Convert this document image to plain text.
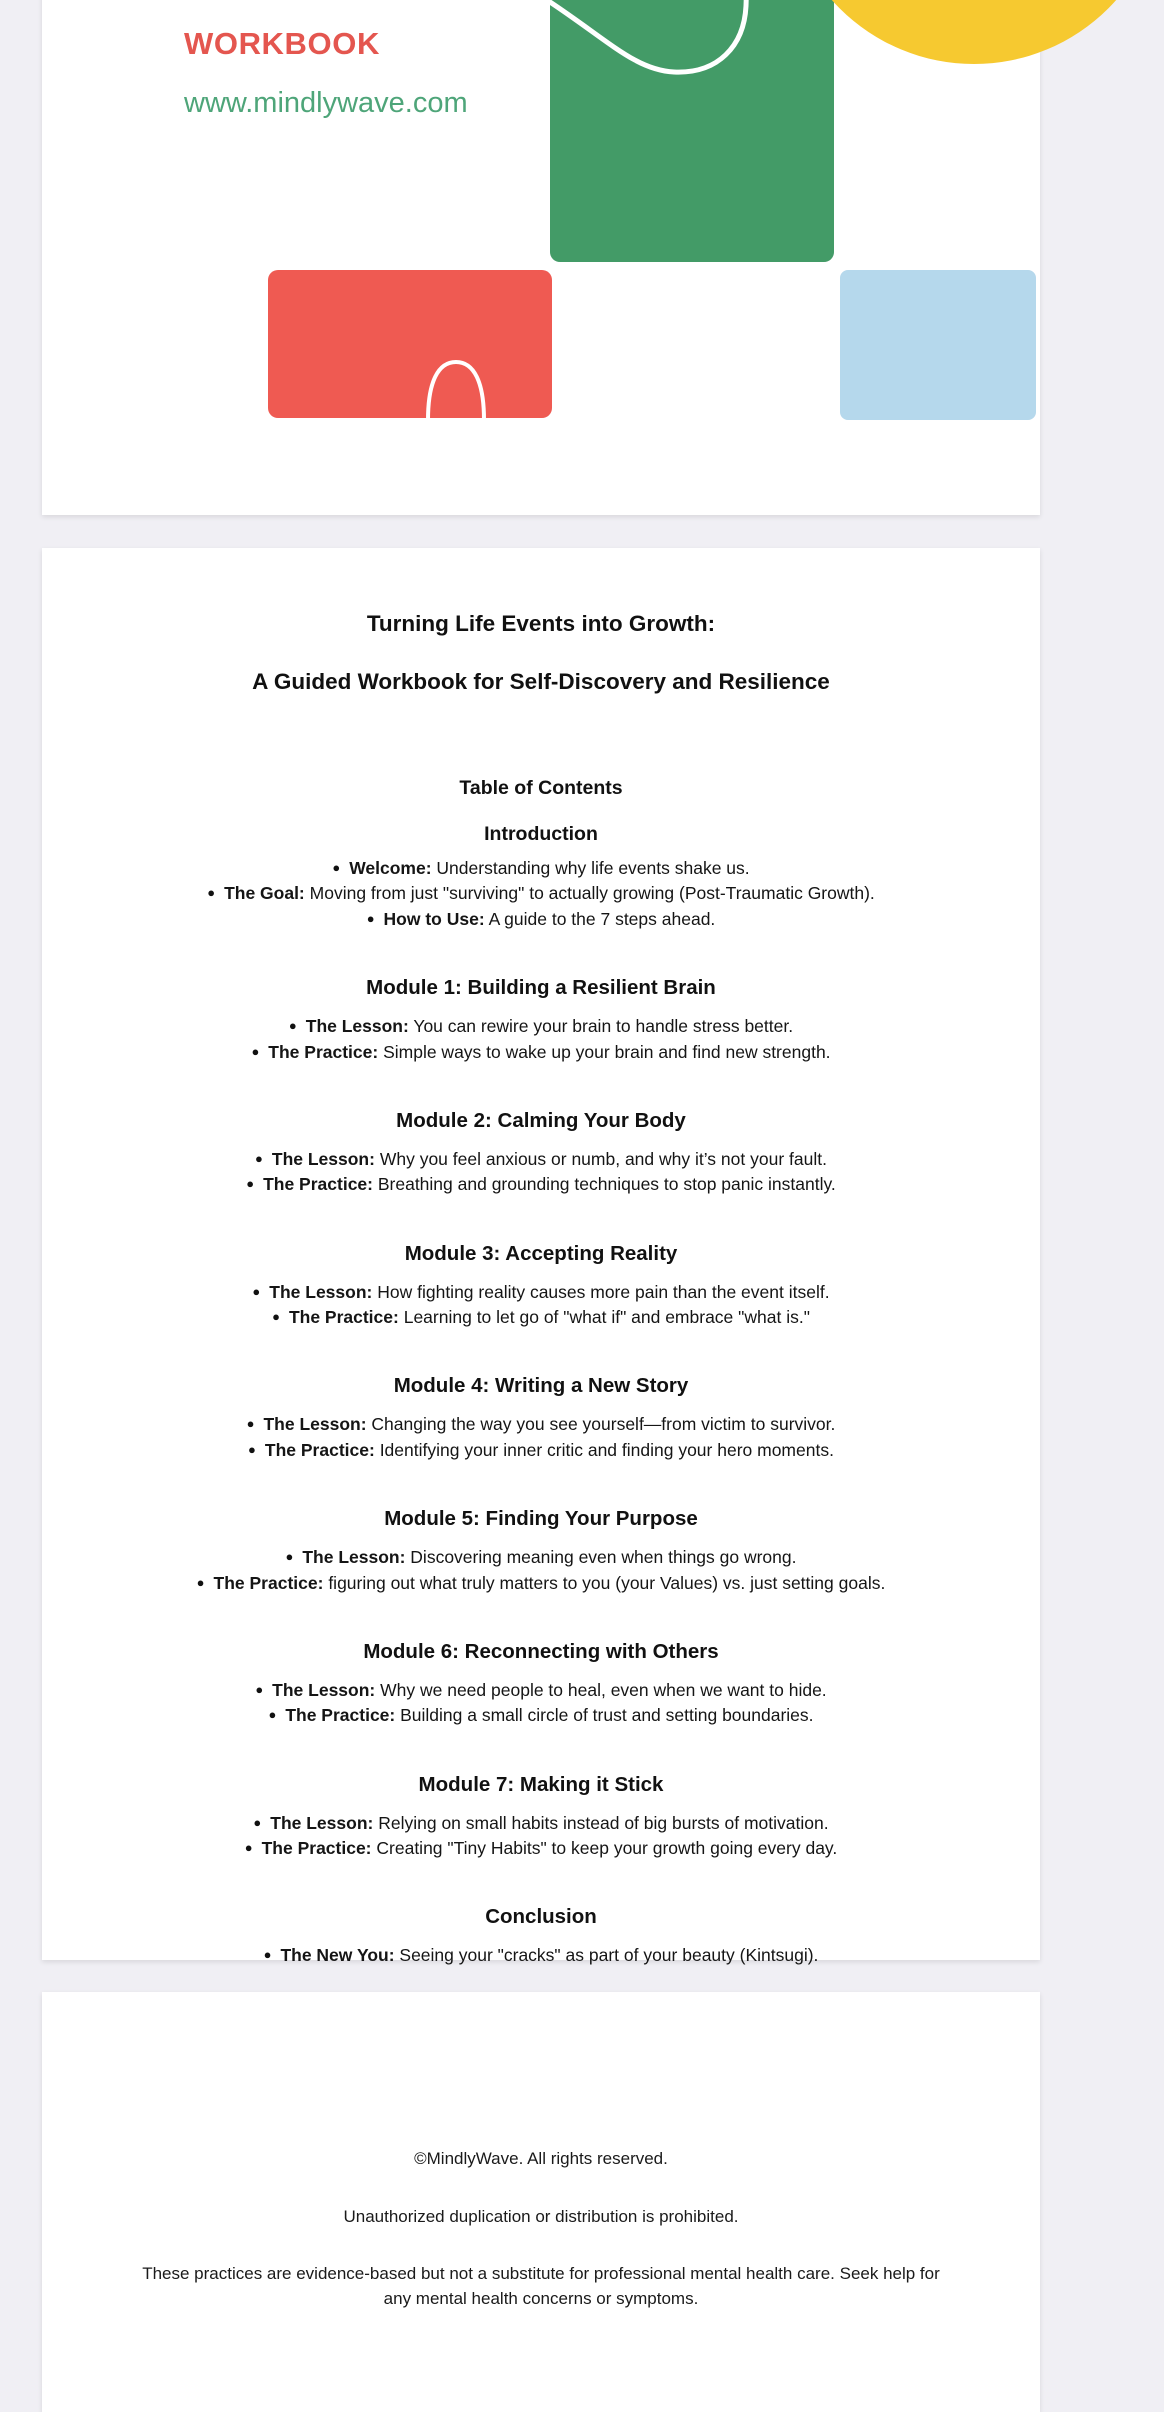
WORKBOOK

www.mindlywave.com

Turning Life Events into Growth:
A Guided Workbook for Self-Discovery and Resilience
Table of Contents
Introduction
● Welcome: Understanding why life events shake us.
● The Goal: Moving from just "surviving" to actually growing (Post-Traumatic Growth).
● How to Use: A guide to the 7 steps ahead.
Module 1: Building a Resilient Brain
● The Lesson: You can rewire your brain to handle stress better.
● The Practice: Simple ways to wake up your brain and find new strength.
Module 2: Calming Your Body
● The Lesson: Why you feel anxious or numb, and why it’s not your fault.
● The Practice: Breathing and grounding techniques to stop panic instantly.
Module 3: Accepting Reality
● The Lesson: How fighting reality causes more pain than the event itself.
● The Practice: Learning to let go of "what if" and embrace "what is."
Module 4: Writing a New Story
● The Lesson: Changing the way you see yourself—from victim to survivor.
● The Practice: Identifying your inner critic and finding your hero moments.
Module 5: Finding Your Purpose
● The Lesson: Discovering meaning even when things go wrong.
● The Practice: figuring out what truly matters to you (your Values) vs. just setting goals.
Module 6: Reconnecting with Others
● The Lesson: Why we need people to heal, even when we want to hide.
● The Practice: Building a small circle of trust and setting boundaries.
Module 7: Making it Stick
● The Lesson: Relying on small habits instead of big bursts of motivation.
● The Practice: Creating "Tiny Habits" to keep your growth going every day.
Conclusion
● The New You: Seeing your "cracks" as part of your beauty (Kintsugi).

©MindlyWave. All rights reserved.

Unauthorized duplication or distribution is prohibited.

These practices are evidence-based but not a substitute for professional mental health care. Seek help for any mental health concerns or symptoms.
